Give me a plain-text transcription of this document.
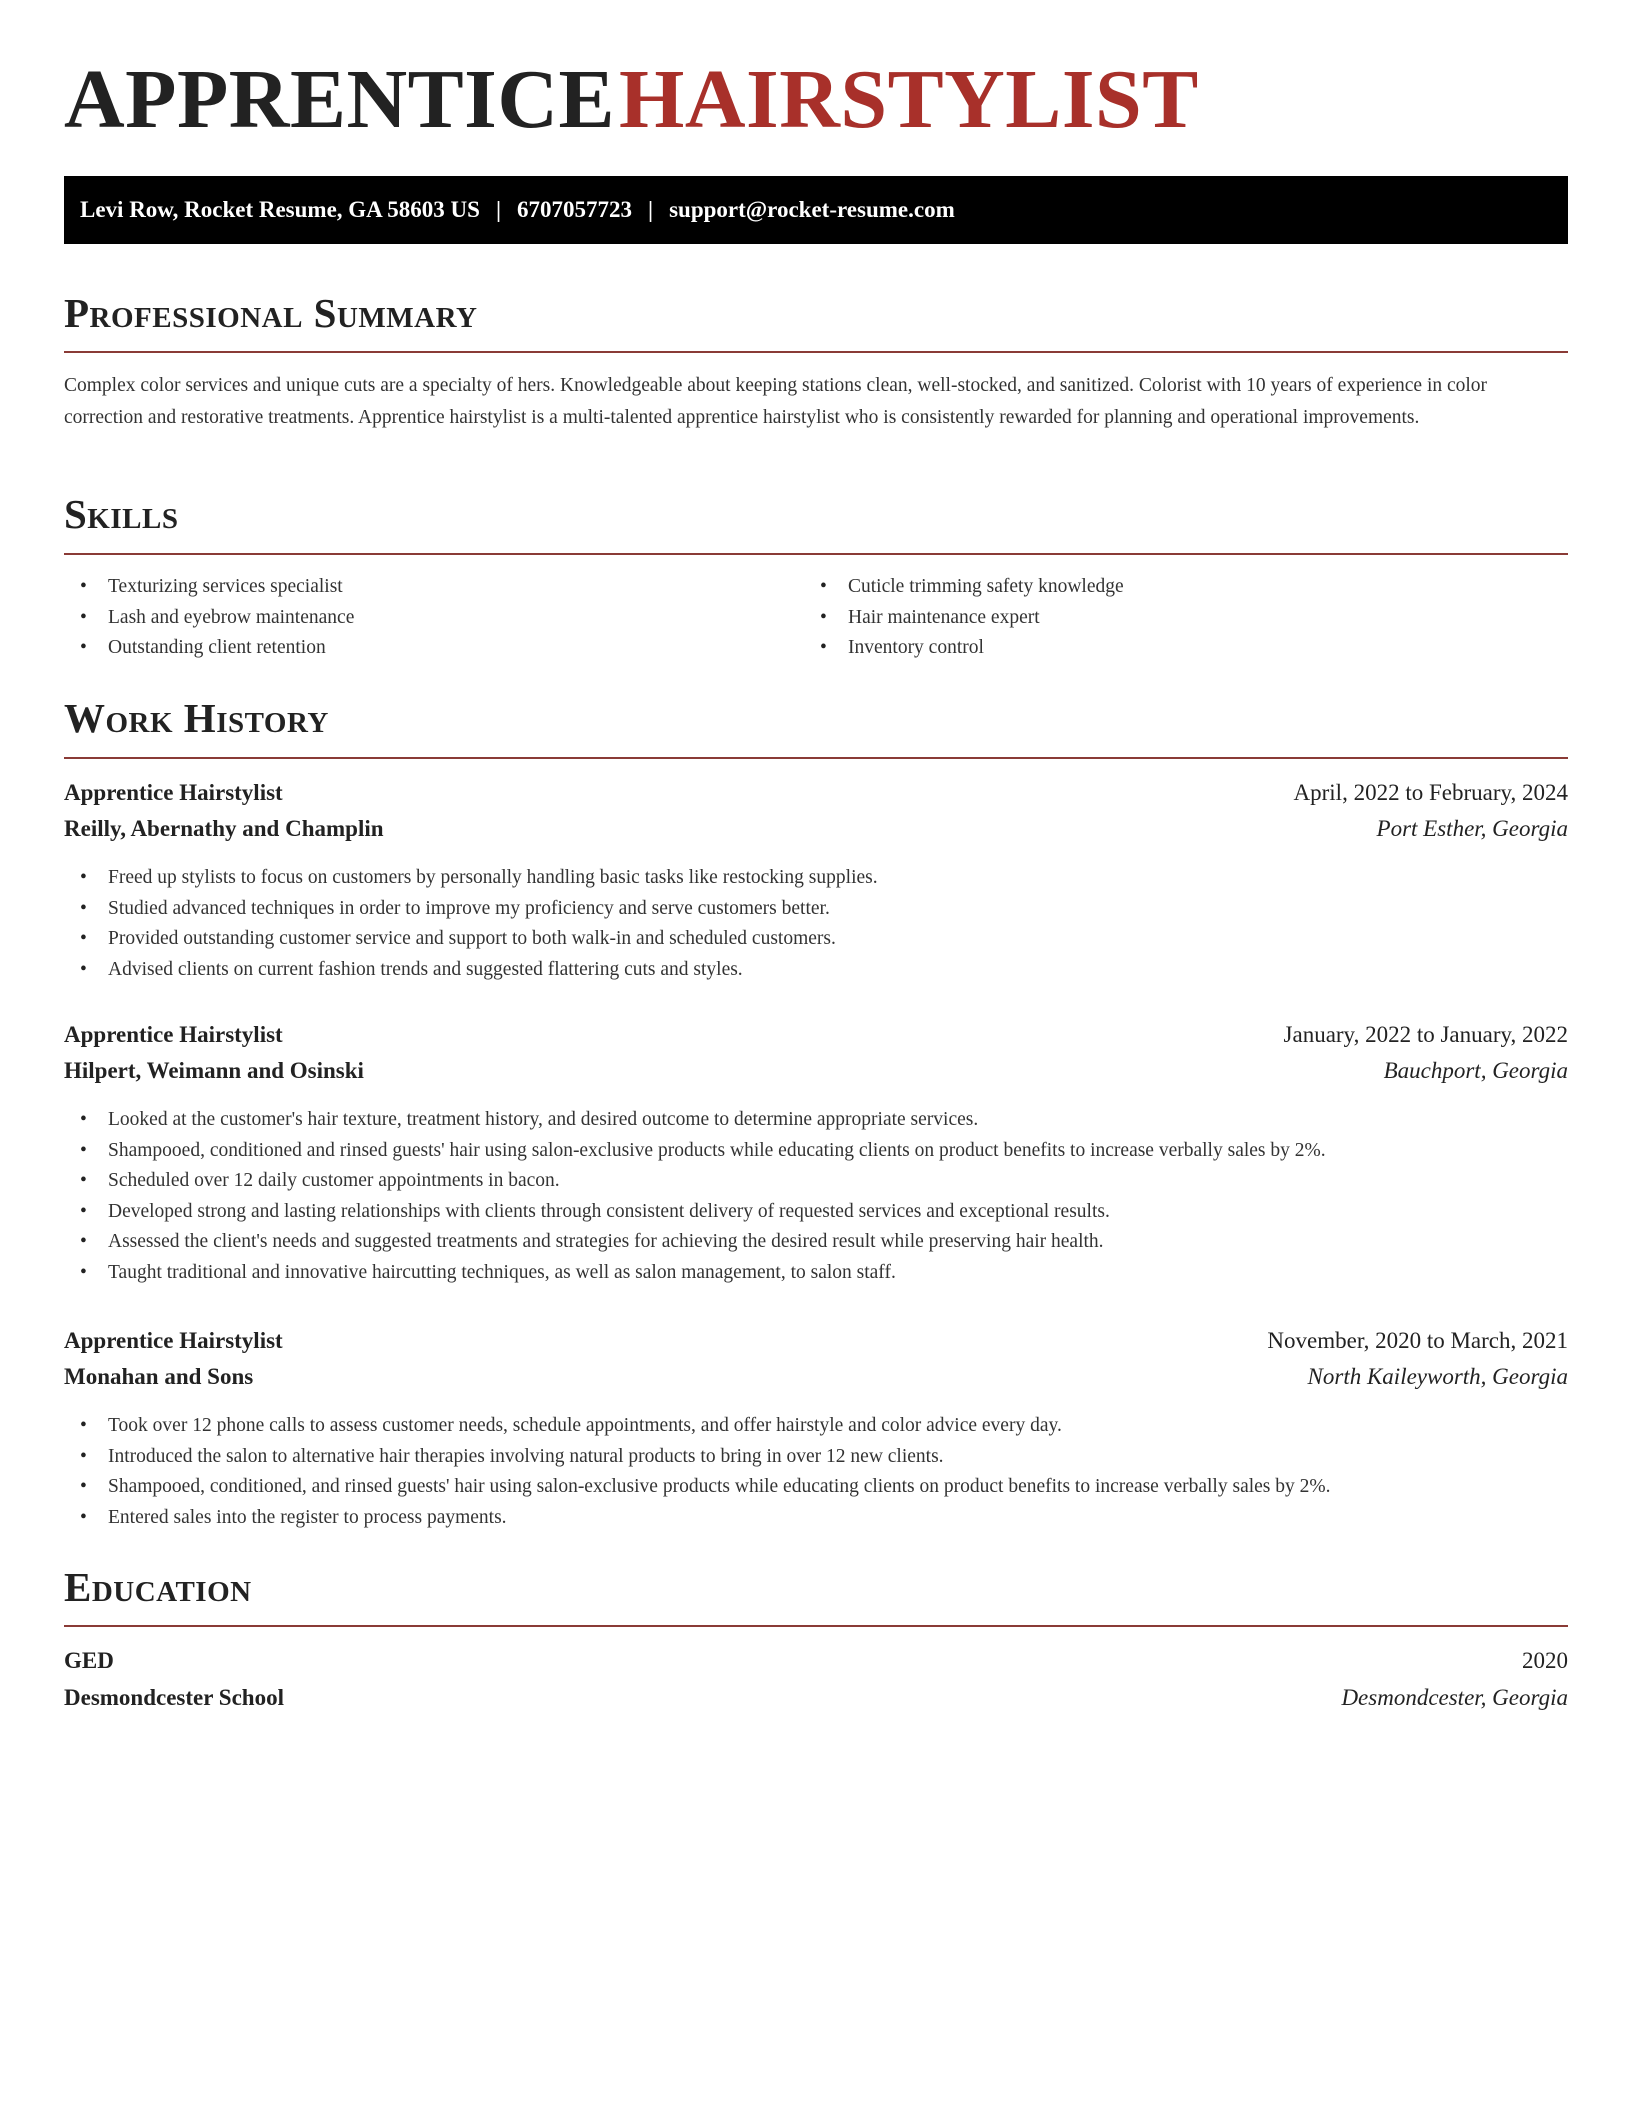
APPRENTICE HAIRSTYLIST
Levi Row, Rocket Resume, GA 58603 US | 6707057723 | support@rocket-resume.com
Professional Summary

Complex color services and unique cuts are a specialty of hers. Knowledgeable about keeping stations clean, well-stocked, and sanitized. Colorist with 10 years of experience in color correction and restorative treatments. Apprentice hairstylist is a multi-talented apprentice hairstylist who is consistently rewarded for planning and operational improvements.

Skills
• Texturizing services specialist
• Lash and eyebrow maintenance
• Outstanding client retention
• Cuticle trimming safety knowledge
• Hair maintenance expert
• Inventory control
Work History
Apprentice Hairstylist	April, 2022 to February, 2024
Reilly, Abernathy and Champlin	Port Esther, Georgia
• Freed up stylists to focus on customers by personally handling basic tasks like restocking supplies.
• Studied advanced techniques in order to improve my proficiency and serve customers better.
• Provided outstanding customer service and support to both walk-in and scheduled customers.
• Advised clients on current fashion trends and suggested flattering cuts and styles.
Apprentice Hairstylist	January, 2022 to January, 2022
Hilpert, Weimann and Osinski	Bauchport, Georgia
• Looked at the customer's hair texture, treatment history, and desired outcome to determine appropriate services.
• Shampooed, conditioned and rinsed guests' hair using salon-exclusive products while educating clients on product benefits to increase verbally sales by 2%.
• Scheduled over 12 daily customer appointments in bacon.
• Developed strong and lasting relationships with clients through consistent delivery of requested services and exceptional results.
• Assessed the client's needs and suggested treatments and strategies for achieving the desired result while preserving hair health.
• Taught traditional and innovative haircutting techniques, as well as salon management, to salon staff.
Apprentice Hairstylist	November, 2020 to March, 2021
Monahan and Sons	North Kaileyworth, Georgia
• Took over 12 phone calls to assess customer needs, schedule appointments, and offer hairstyle and color advice every day.
• Introduced the salon to alternative hair therapies involving natural products to bring in over 12 new clients.
• Shampooed, conditioned, and rinsed guests' hair using salon-exclusive products while educating clients on product benefits to increase verbally sales by 2%.
• Entered sales into the register to process payments.
Education
GED	2020
Desmondcester School	Desmondcester, Georgia
